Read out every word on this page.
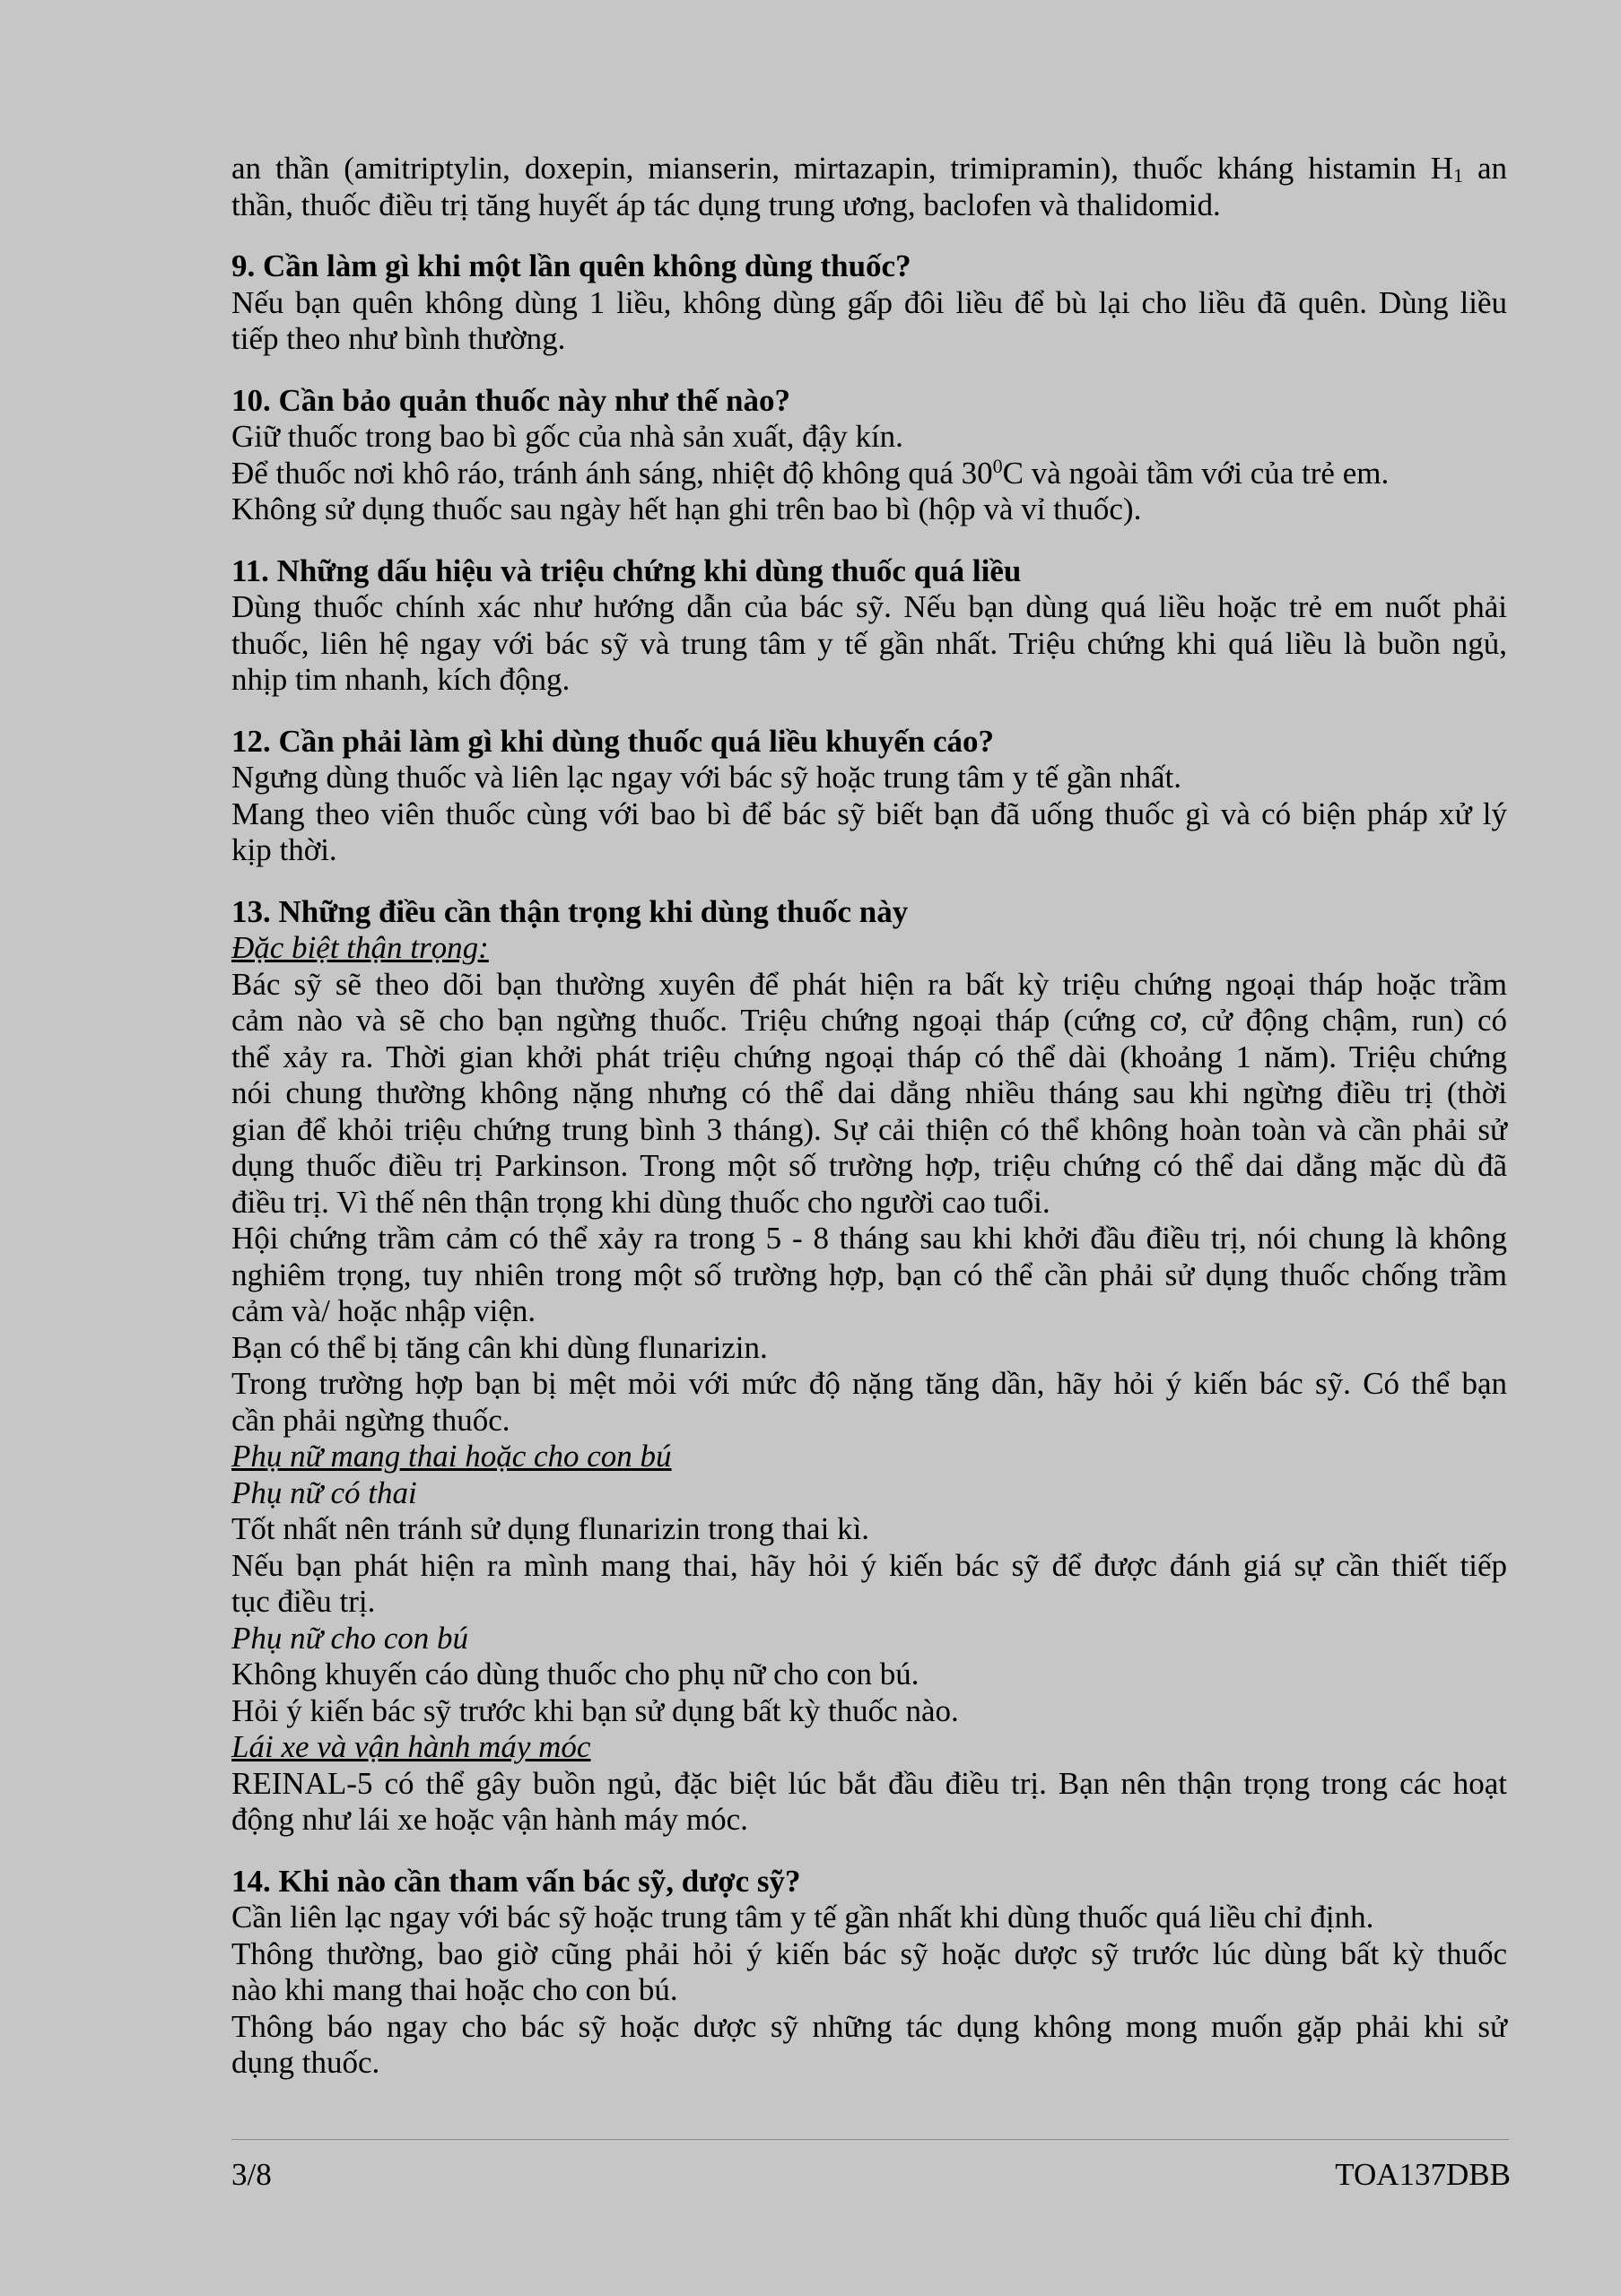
an thần (amitriptylin, doxepin, mianserin, mirtazapin, trimipramin), thuốc kháng histamin $H_1$ an
thần, thuốc điều trị tăng huyết áp tác dụng trung ương, baclofen và thalidomid.
9. Cần làm gì khi một lần quên không dùng thuốc?
Nếu bạn quên không dùng 1 liều, không dùng gấp đôi liều để bù lại cho liều đã quên. Dùng liều
tiếp theo như bình thường.
10. Cần bảo quản thuốc này như thế nào?
Giữ thuốc trong bao bì gốc của nhà sản xuất, đậy kín.
Để thuốc nơi khô ráo, tránh ánh sáng, nhiệt độ không quá $30^0C$ và ngoài tầm với của trẻ em.
Không sử dụng thuốc sau ngày hết hạn ghi trên bao bì (hộp và vỉ thuốc).
11. Những dấu hiệu và triệu chứng khi dùng thuốc quá liều
Dùng thuốc chính xác như hướng dẫn của bác sỹ. Nếu bạn dùng quá liều hoặc trẻ em nuốt phải
thuốc, liên hệ ngay với bác sỹ và trung tâm y tế gần nhất. Triệu chứng khi quá liều là buồn ngủ,
nhịp tim nhanh, kích động.
12. Cần phải làm gì khi dùng thuốc quá liều khuyến cáo?
Ngưng dùng thuốc và liên lạc ngay với bác sỹ hoặc trung tâm y tế gần nhất.
Mang theo viên thuốc cùng với bao bì để bác sỹ biết bạn đã uống thuốc gì và có biện pháp xử lý
kịp thời.
13. Những điều cần thận trọng khi dùng thuốc này
Đặc biệt thận trọng:
Bác sỹ sẽ theo dõi bạn thường xuyên để phát hiện ra bất kỳ triệu chứng ngoại tháp hoặc trầm
cảm nào và sẽ cho bạn ngừng thuốc. Triệu chứng ngoại tháp (cứng cơ, cử động chậm, run) có
thể xảy ra. Thời gian khởi phát triệu chứng ngoại tháp có thể dài (khoảng 1 năm). Triệu chứng
nói chung thường không nặng nhưng có thể dai dẳng nhiều tháng sau khi ngừng điều trị (thời
gian để khỏi triệu chứng trung bình 3 tháng). Sự cải thiện có thể không hoàn toàn và cần phải sử
dụng thuốc điều trị Parkinson. Trong một số trường hợp, triệu chứng có thể dai dẳng mặc dù đã
điều trị. Vì thế nên thận trọng khi dùng thuốc cho người cao tuổi.
Hội chứng trầm cảm có thể xảy ra trong 5 - 8 tháng sau khi khởi đầu điều trị, nói chung là không
nghiêm trọng, tuy nhiên trong một số trường hợp, bạn có thể cần phải sử dụng thuốc chống trầm
cảm và/ hoặc nhập viện.
Bạn có thể bị tăng cân khi dùng flunarizin.
Trong trường hợp bạn bị mệt mỏi với mức độ nặng tăng dần, hãy hỏi ý kiến bác sỹ. Có thể bạn
cần phải ngừng thuốc.
Phụ nữ mang thai hoặc cho con bú
Phụ nữ có thai
Tốt nhất nên tránh sử dụng flunarizin trong thai kì.
Nếu bạn phát hiện ra mình mang thai, hãy hỏi ý kiến bác sỹ để được đánh giá sự cần thiết tiếp
tục điều trị.
Phụ nữ cho con bú
Không khuyến cáo dùng thuốc cho phụ nữ cho con bú.
Hỏi ý kiến bác sỹ trước khi bạn sử dụng bất kỳ thuốc nào.
Lái xe và vận hành máy móc
REINAL-5 có thể gây buồn ngủ, đặc biệt lúc bắt đầu điều trị. Bạn nên thận trọng trong các hoạt
động như lái xe hoặc vận hành máy móc.
14. Khi nào cần tham vấn bác sỹ, dược sỹ?
Cần liên lạc ngay với bác sỹ hoặc trung tâm y tế gần nhất khi dùng thuốc quá liều chỉ định.
Thông thường, bao giờ cũng phải hỏi ý kiến bác sỹ hoặc dược sỹ trước lúc dùng bất kỳ thuốc
nào khi mang thai hoặc cho con bú.
Thông báo ngay cho bác sỹ hoặc dược sỹ những tác dụng không mong muốn gặp phải khi sử
dụng thuốc.
3/8	TOA137DBB
